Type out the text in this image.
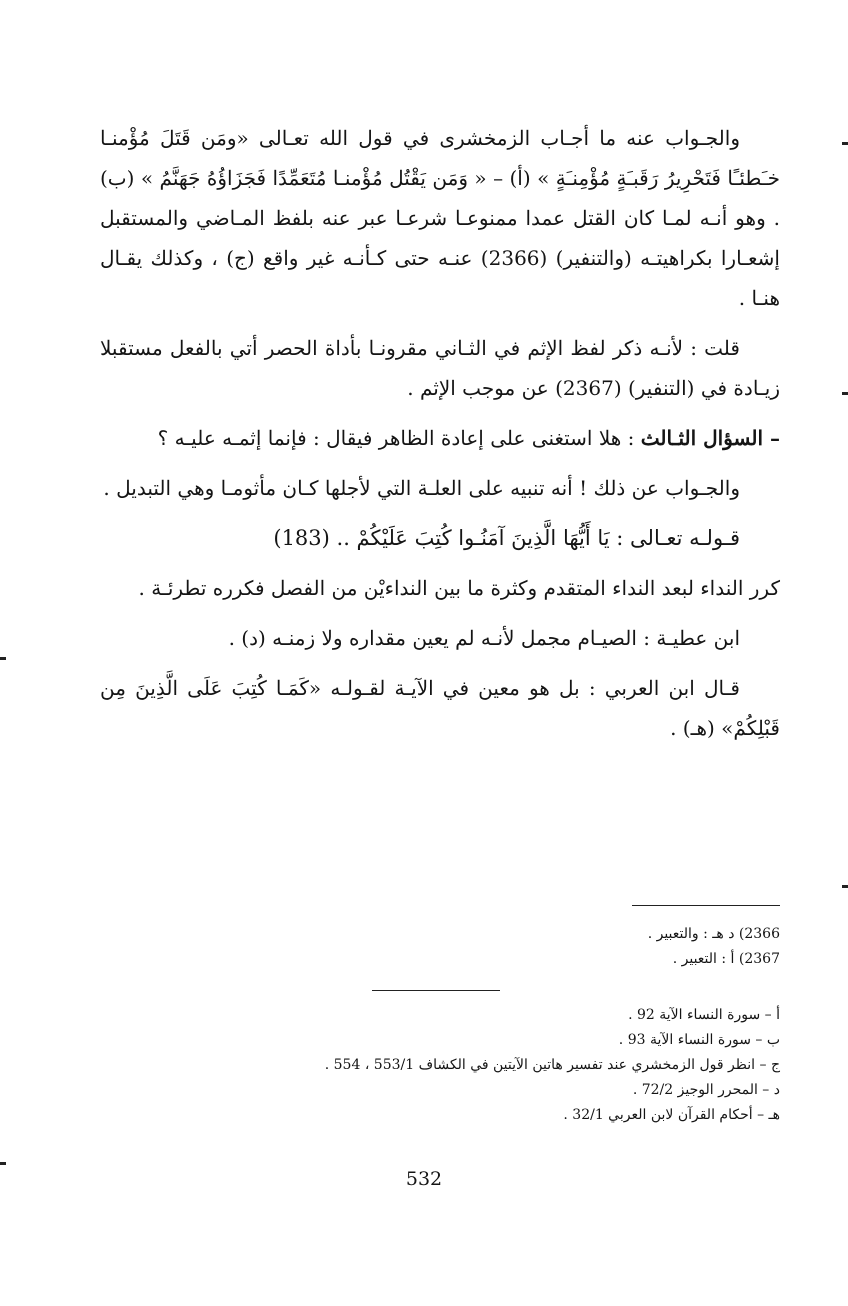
والجـواب عنه ما أجـاب الزمخشرى في قول الله تعـالى «ومَن قَتَلَ مُؤْمنـا خـَطئـًا فَتَحْرِيرُ رَقَبـَةٍ مُؤْمِنـَةٍ » (أ) – « وَمَن يَقْتُل مُؤْمنـا مُتَعَمِّدًا فَجَزَاؤُهُ جَهَنَّمُ » (ب) . وهو أنـه لمـا كان القتل عمدا ممنوعـا شرعـا عبر عنه بلفظ المـاضي والمستقبل إشعـارا بكراهيتـه (والتنفير) (2366) عنـه حتى كـأنـه غير واقع (ج) ، وكذلك يقـال هنـا .

قلت : لأنـه ذكر لفظ الإثم في الثـاني مقرونـا بأداة الحصر أتي بالفعل مستقبلا زيـادة في (التنفير) (2367) عن موجب الإثم .

– السؤال الثـالث : هلا استغنى على إعادة الظاهر فيقال : فإنما إثمـه عليـه ؟

والجـواب عن ذلك ! أنه تنبيه على العلـة التي لأجلها كـان مأثومـا وهي التبديل .

قـولـه تعـالى : يَا أَيُّهَا الَّذِينَ آمَنُـوا كُتِبَ عَلَيْكُمْ .. (183)

كرر النداء لبعد النداء المتقدم وكثرة ما بين النداءيْن من الفصل فكرره تطرئـة .

ابن عطيـة : الصيـام مجمل لأنـه لم يعين مقداره ولا زمنـه (د) .

قـال ابن العربي : بل هو معين في الآيـة لقـولـه «كَمَـا كُتِبَ عَلَى الَّذِينَ مِن قَبْلِكُمْ» (هـ) .

2366) د هـ : والتعبير .
2367) أ : التعبير .
أ – سورة النساء الآية 92 .
ب – سورة النساء الآية 93 .
ج – انظر قول الزمخشري عند تفسير هاتين الآيتين في الكشاف 553/1 ، 554 .
د – المحرر الوجيز 72/2 .
هـ – أحكام القرآن لابن العربي 32/1 .
532
